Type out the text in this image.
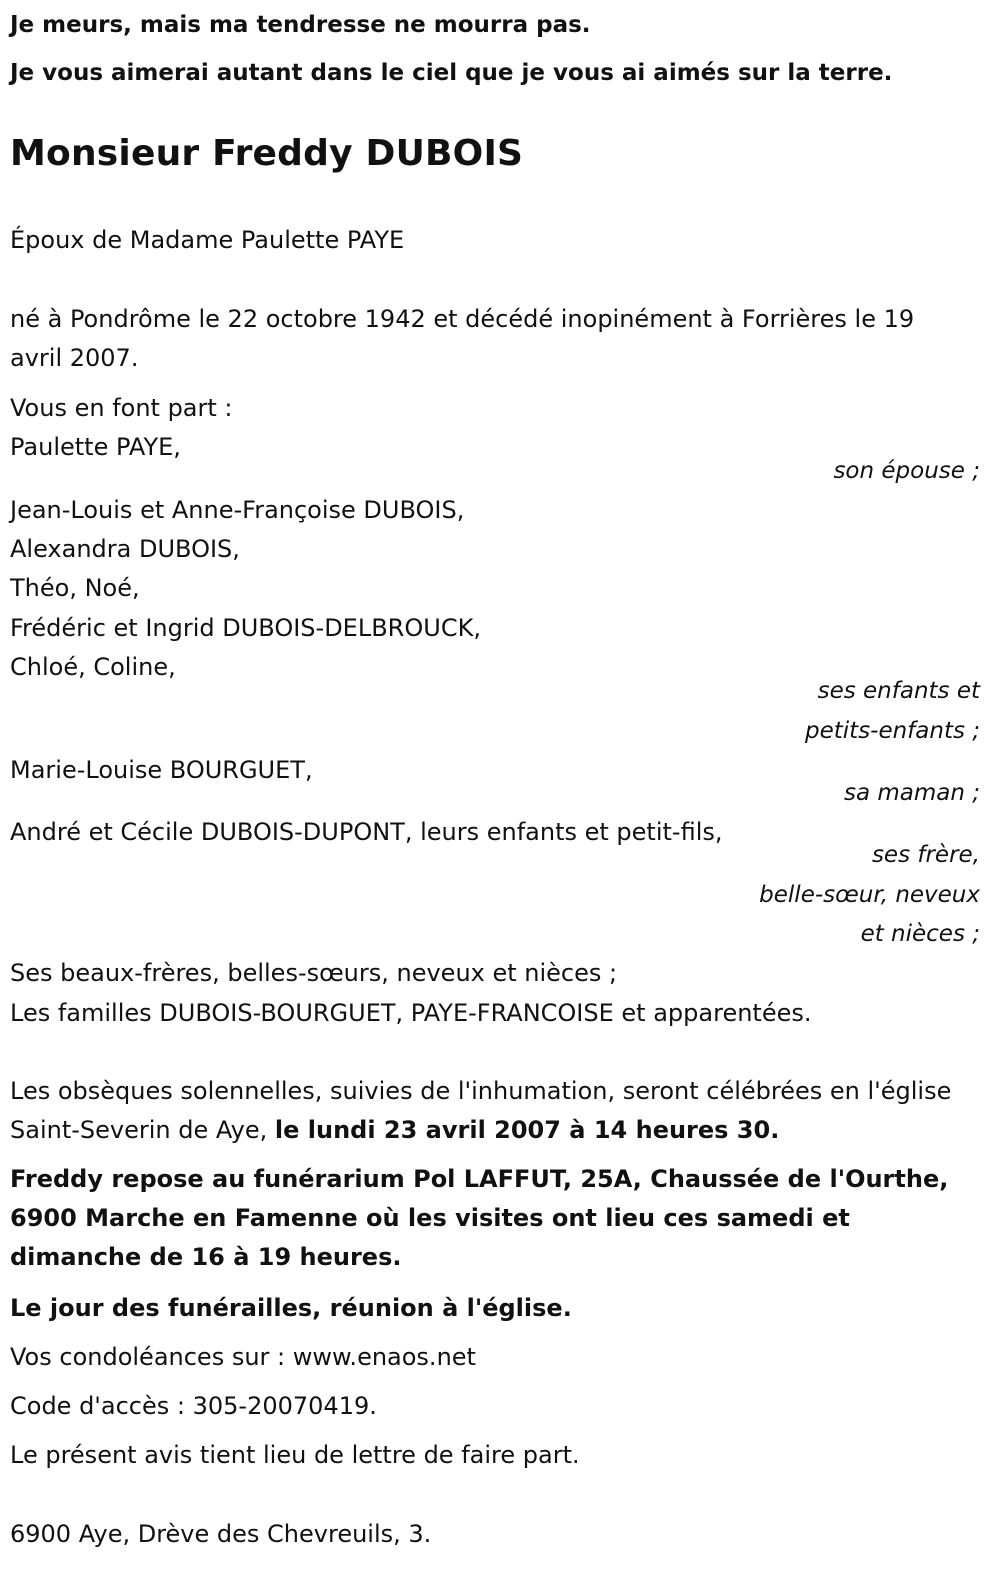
Je meurs, mais ma tendresse ne mourra pas.
Je vous aimerai autant dans le ciel que je vous ai aimés sur la terre.
Monsieur Freddy DUBOIS
Époux de Madame Paulette PAYE
né à Pondrôme le 22 octobre 1942 et décédé inopinément à Forrières le 19 avril 2007.
Vous en font part :
Paulette PAYE,
son épouse ;
Jean-Louis et Anne-Françoise DUBOIS,
Alexandra DUBOIS,
Théo, Noé,
Frédéric et Ingrid DUBOIS-DELBROUCK,
Chloé, Coline,
ses enfants et
petits-enfants ;
Marie-Louise BOURGUET,
sa maman ;
André et Cécile DUBOIS-DUPONT, leurs enfants et petit-fils,
ses frère,
belle-sœur, neveux
et nièces ;
Ses beaux-frères, belles-sœurs, neveux et nièces ;
Les familles DUBOIS-BOURGUET, PAYE-FRANCOISE et apparentées.
Les obsèques solennelles, suivies de l'inhumation, seront célébrées en l'église Saint-Severin de Aye, le lundi 23 avril 2007 à 14 heures 30.
Freddy repose au funérarium Pol LAFFUT, 25A, Chaussée de l'Ourthe, 6900 Marche en Famenne où les visites ont lieu ces samedi et dimanche de 16 à 19 heures.
Le jour des funérailles, réunion à l'église.
Vos condoléances sur : www.enaos.net
Code d'accès : 305-20070419.
Le présent avis tient lieu de lettre de faire part.
6900 Aye, Drève des Chevreuils, 3.
